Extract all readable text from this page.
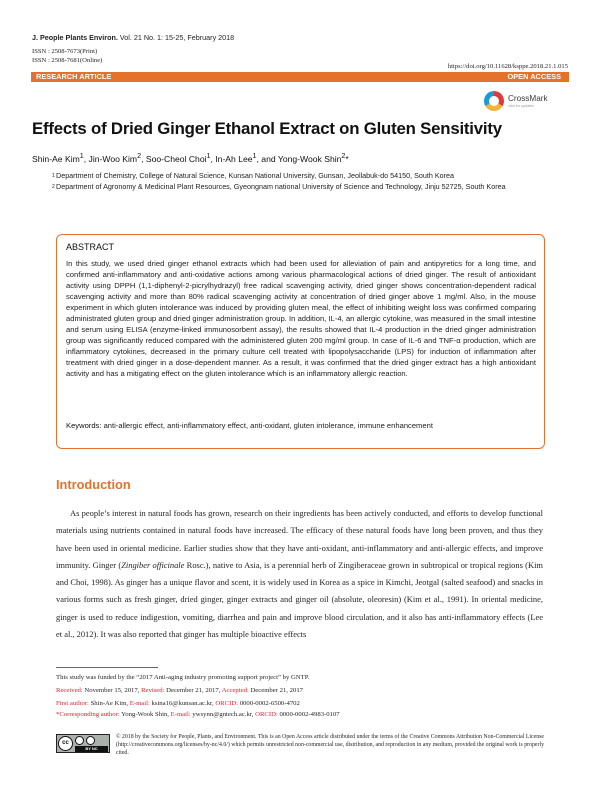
J. People Plants Environ. Vol. 21 No. 1: 15-25, February 2018
ISSN : 2508-7673(Print)
ISSN : 2508-7681(Online)
https://doi.org/10.11628/ksppe.2018.21.1.015
RESEARCH ARTICLE	OPEN ACCESS
CrossMark
click for updates
Effects of Dried Ginger Ethanol Extract on Gluten Sensitivity
Shin-Ae Kim$^1$, Jin-Woo Kim$^2$, Soo-Cheol Choi$^1$, In-Ah Lee$^1$, and Yong-Wook Shin$^2$*
1 Department of Chemistry, College of Natural Science, Kunsan National University, Gunsan, Jeollabuk-do 54150, South Korea
2 Department of Agronomy & Medicinal Plant Resources, Gyeongnam national University of Science and Technology, Jinju 52725, South Korea
ABSTRACT
In this study, we used dried ginger ethanol extracts which had been used for alleviation of pain and antipyretics for a long time, and confirmed anti-inflammatory and anti-oxidative actions among various pharmacological actions of dried ginger. The result of antioxidant activity using DPPH (1,1-diphenyl-2-picrylhydrazyl) free radical scavenging activity, dried ginger shows concentration-dependent radical scavenging activity and more than 80% radical scavenging activity at concentration of dried ginger above 1 mg/ml. Also, in the mouse experiment in which gluten intolerance was induced by providing gluten meal, the effect of inhibiting weight loss was confirmed comparing administrated gluten group and dried ginger administration group. In addition, IL-4, an allergic cytokine, was measured in the small intestine and serum using ELISA (enzyme-linked immunosorbent assay), the results showed that IL-4 production in the dried ginger administration group was significantly reduced compared with the administered gluten 200 mg/ml group. In case of IL-6 and TNF-α production, which are inflammatory cytokines, decreased in the primary culture cell treated with lipopolysaccharide (LPS) for induction of inflammation after treatment with dried ginger in a dose-dependent manner. As a result, it was confirmed that the dried ginger extract has a high antioxidant activity and has a mitigating effect on the gluten intolerance which is an inflammatory allergic reaction.
Keywords: anti-allergic effect, anti-inflammatory effect, anti-oxidant, gluten intolerance, immune enhancement
Introduction

As people’s interest in natural foods has grown, research on their ingredients has been actively conducted, and efforts to develop functional materials using nutrients contained in natural foods have increased. The efficacy of these natural foods have long been proven, and thus they have been used in oriental medicine. Earlier studies show that they have anti-oxidant, anti-inflammatory and anti-allergic effects, and improve immunity. Ginger (Zingiber officinale Rosc.), native to Asia, is a perennial herb of Zingiberaceae grown in subtropical or tropical regions (Kim and Choi, 1998). As ginger has a unique flavor and scent, it is widely used in Korea as a spice in Kimchi, Jeotgal (salted seafood) and snacks in various forms such as fresh ginger, dried ginger, ginger extracts and ginger oil (absolute, oleoresin) (Kim et al., 1991). In oriental medicine, ginger is used to reduce indigestion, vomiting, diarrhea and pain and improve blood circulation, and it also has anti-inflammatory effects (Lee et al., 2012). It was also reported that ginger has multiple bioactive effects

This study was funded by the “2017 Anti-aging industry promoting support project” by GNTP.
Received: November 15, 2017, Revised: December 21, 2017, Accepted: December 21, 2017
First author: Shin-Ae Kim, E-mail: ksina16@kunsan.ac.kr, ORCID: 0000-0002-6500-4702
*Corresponding author: Yong-Wook Shin, E-mail: ywsynn@gntech.ac.kr, ORCID: 0000-0002-4983-0107
cc
BY NC
© 2018 by the Society for People, Plants, and Environment. This is an Open Access article distributed under the terms of the Creative Commons Attribution Non-Commercial License (http://creativecommons.org/licenses/by-nc/4.0/) which permits unrestricted non-commercial use, distribution, and reproduction in any medium, provided the original work is properly cited.
